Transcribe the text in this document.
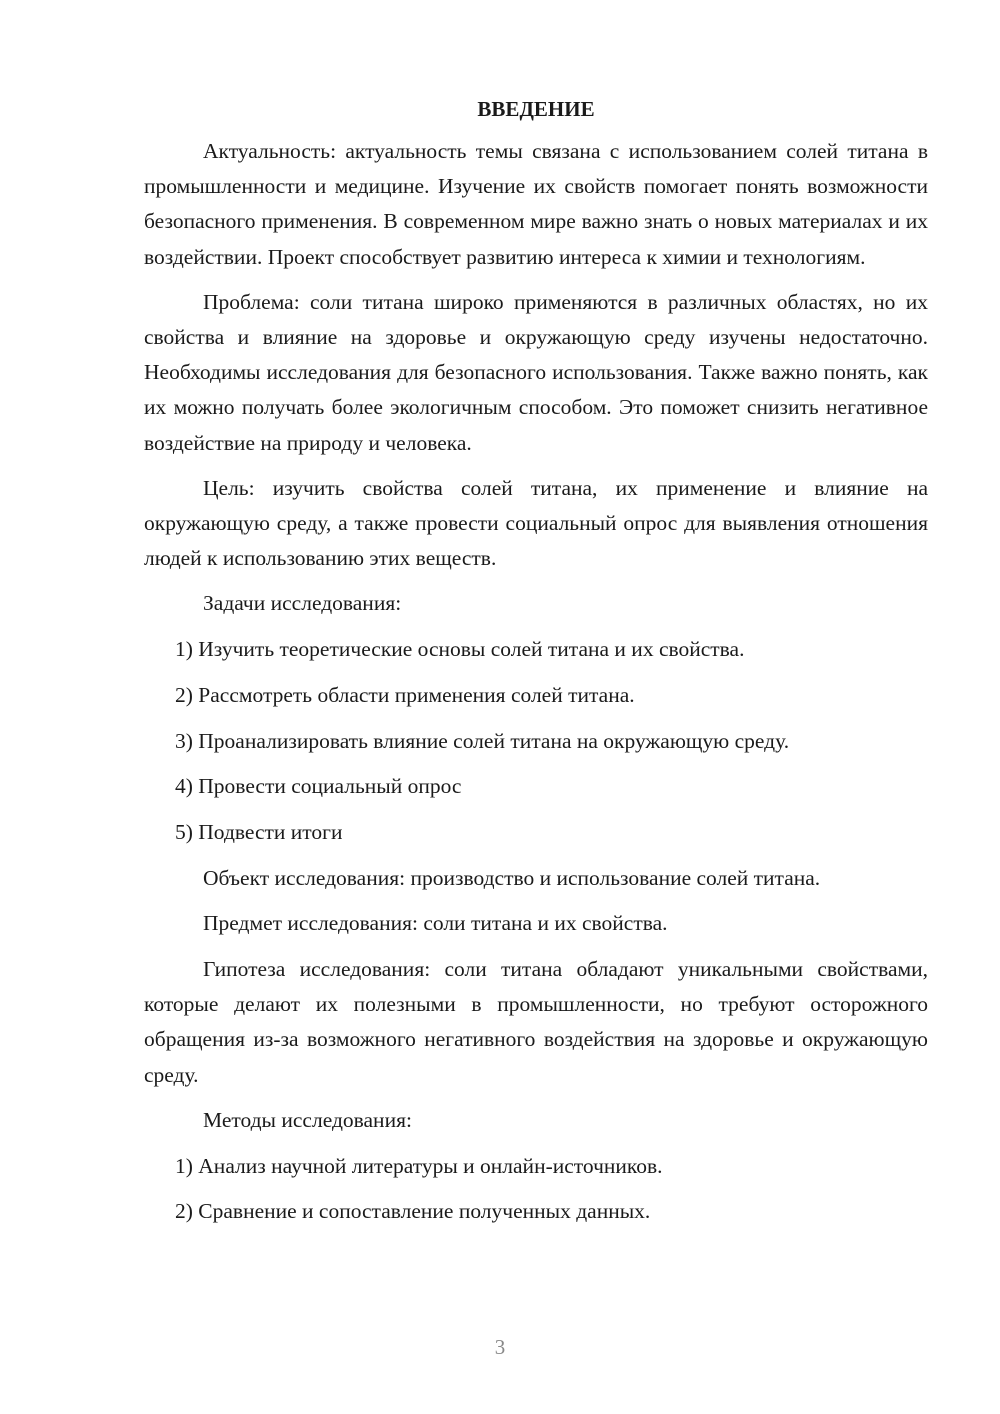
ВВЕДЕНИЕ

Актуальность: актуальность темы связана с использованием солей титана в промышленности и медицине. Изучение их свойств помогает понять возможности безопасного применения. В современном мире важно знать о новых материалах и их воздействии. Проект способствует развитию интереса к химии и технологиям.

Проблема: соли титана широко применяются в различных областях, но их свойства и влияние на здоровье и окружающую среду изучены недостаточно. Необходимы исследования для безопасного использования. Также важно понять, как их можно получать более экологичным способом. Это поможет снизить негативное воздействие на природу и человека.

Цель: изучить свойства солей титана, их применение и влияние на окружающую среду, а также провести социальный опрос для выявления отношения людей к использованию этих веществ.

Задачи исследования:
1) Изучить теоретические основы солей титана и их свойства.
2) Рассмотреть области применения солей титана.
3) Проанализировать влияние солей титана на окружающую среду.
4) Провести социальный опрос
5) Подвести итоги
Объект исследования: производство и использование солей титана.
Предмет исследования: соли титана и их свойства.

Гипотеза исследования: соли титана обладают уникальными свойствами, которые делают их полезными в промышленности, но требуют осторожного обращения из-за возможного негативного воздействия на здоровье и окружающую среду.

Методы исследования:
1) Анализ научной литературы и онлайн-источников.
2) Сравнение и сопоставление полученных данных.
3
